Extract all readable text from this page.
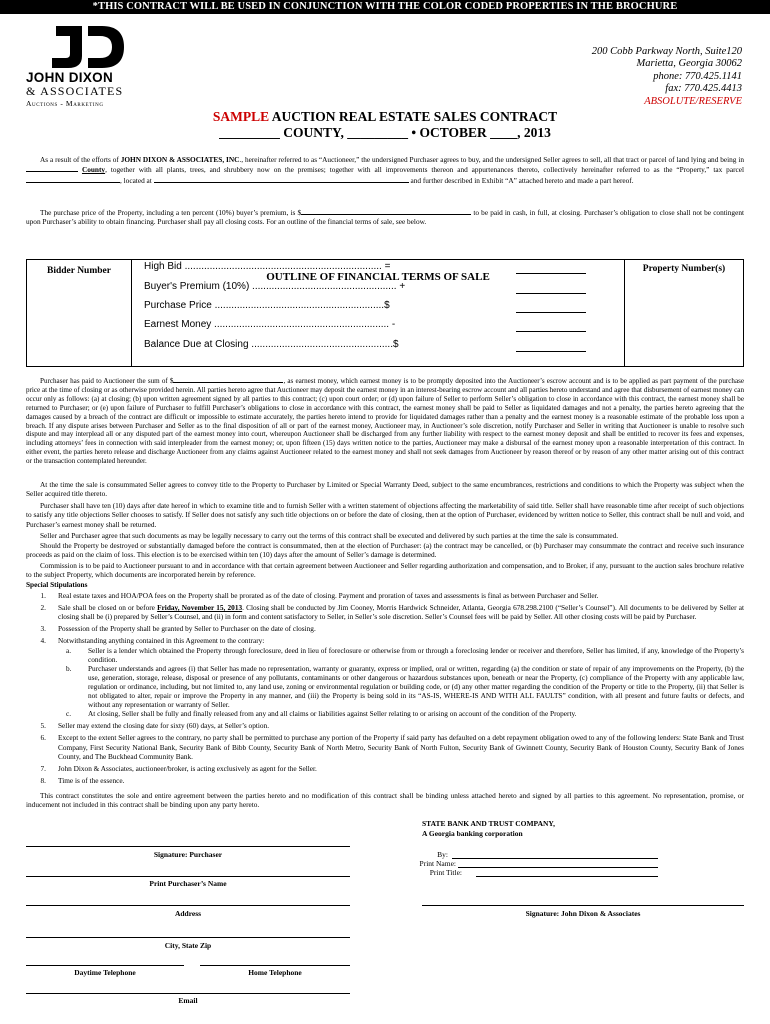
*THIS CONTRACT WILL BE USED IN CONJUNCTION WITH THE COLOR CODED PROPERTIES IN THE BROCHURE
JOHN DIXON
& ASSOCIATES
Auctions - Marketing
200 Cobb Parkway North, Suite120
Marietta, Georgia 30062
phone: 770.425.1141
fax: 770.425.4413
ABSOLUTE/RESERVE
SAMPLE AUCTION REAL ESTATE SALES CONTRACT
_________ COUNTY, _________ • OCTOBER ____, 2013
As a result of the efforts of JOHN DIXON & ASSOCIATES, INC., hereinafter referred to as “Auctioneer,” the undersigned Purchaser agrees to buy, and the undersigned Seller agrees to sell, all that tract or parcel of land lying and being in  County, together with all plants, trees, and shrubbery now on the premises; together with all improvements thereon and appurtenances thereto, collectively hereinafter referred to as the “Property,” tax parcel , located at	and further described in Exhibit “A” attached hereto and made a part hereof.
The purchase price of the Property, including a ten percent (10%) buyer’s premium, is $	to be paid in cash, in full, at closing. Purchaser’s obligation to close shall not be contingent upon Purchaser’s ability to obtain financing. Purchaser shall pay all closing costs. For an outline of the financial terms of sale, see below.
Bidder Number	OUTLINE OF FINANCIAL TERMS OF SALE
High Bid ....................................................................... =
Buyer's Premium (10%) .................................................... +
Purchase Price .............................................................$
Earnest Money ............................................................... -
Balance Due at Closing ...................................................$
	Property Number(s)
Purchaser has paid to Auctioneer the sum of $	, as earnest money, which earnest money is to be promptly deposited into the Auctioneer’s escrow account and is to be applied as part payment of the purchase price at the time of closing or as otherwise provided herein. All parties hereto agree that Auctioneer may deposit the earnest money in an interest-bearing escrow account and all parties hereto understand and agree that disbursement of earnest money can occur only as follows: (a) at closing; (b) upon written agreement signed by all parties to this contract; (c) upon court order; or (d) upon failure of Seller to perform Seller’s obligation to close in accordance with this contract, the earnest money shall be returned to Purchaser; or (e) upon failure of Purchaser to fulfill Purchaser’s obligations to close in accordance with this contract, the earnest money shall be paid to Seller as liquidated damages and not a penalty, the parties hereto agreeing that the damages caused by a breach of the contract are difficult or impossible to estimate accurately, the parties hereto intend to provide for liquidated damages rather than a penalty and the earnest money is a reasonable estimate of the probable loss upon a breach. If any dispute arises between Purchaser and Seller as to the final disposition of all or part of the earnest money, Auctioneer may, in Auctioneer’s sole discretion, notify Purchaser and Seller in writing that Auctioneer is unable to resolve such dispute and may interplead all or any disputed part of the earnest money into court, whereupon Auctioneer shall be discharged from any further liability with respect to the earnest money deposit and shall be entitled to recover its fees and expenses, including attorneys’ fees in connection with said interpleader from the earnest money; or, upon fifteen (15) days written notice to the parties, Auctioneer may make a disbursal of the earnest money upon a reasonable interpretation of this contract. In either event, the parties hereto release and discharge Auctioneer from any claims against Auctioneer related to the earnest money and shall not seek damages from Auctioneer by reason thereof or by reason of any other matter arising out of this contract or the transaction contemplated hereunder.
At the time the sale is consummated Seller agrees to convey title to the Property to Purchaser by Limited or Special Warranty Deed, subject to the same encumbrances, restrictions and conditions to which the Property was subject when the Seller acquired title thereto.
Purchaser shall have ten (10) days after date hereof in which to examine title and to furnish Seller with a written statement of objections affecting the marketability of said title. Seller shall have reasonable time after receipt of such objections to satisfy any title objections Seller chooses to satisfy. If Seller does not satisfy any such title objections on or before the date of closing, then at the option of Purchaser, evidenced by written notice to Seller, this contract shall be null and void, and Purchaser’s earnest money shall be returned.
Seller and Purchaser agree that such documents as may be legally necessary to carry out the terms of this contract shall be executed and delivered by such parties at the time the sale is consummated.
Should the Property be destroyed or substantially damaged before the contract is consummated, then at the election of Purchaser: (a) the contract may be cancelled, or (b) Purchaser may consummate the contract and receive such insurance proceeds as paid on the claim of loss. This election is to be exercised within ten (10) days after the amount of Seller’s damage is determined.
Commission is to be paid to Auctioneer pursuant to and in accordance with that certain agreement between Auctioneer and Seller regarding authorization and compensation, and to Broker, if any, pursuant to the auction sales brochure relative to the subject Property, which documents are incorporated herein by reference.
Special Stipulations
1.	Real estate taxes and HOA/POA fees on the Property shall be prorated as of the date of closing. Payment and proration of taxes and assessments is final as between Purchaser and Seller.
2.	Sale shall be closed on or before Friday, November 15, 2013. Closing shall be conducted by Jim Cooney, Morris Hardwick Schneider, Atlanta, Georgia 678.298.2100 (“Seller’s Counsel”). All documents to be delivered by Seller at closing shall be (i) prepared by Seller’s Counsel, and (ii) in form and content satisfactory to Seller, in Seller’s sole discretion. Seller’s Counsel fees will be paid by Seller. All other closing costs will be paid by Purchaser.
3.	Possession of the Property shall be granted by Seller to Purchaser on the date of closing.
4.	Notwithstanding anything contained in this Agreement to the contrary:
a.	Seller is a lender which obtained the Property through foreclosure, deed in lieu of foreclosure or otherwise from or through a foreclosing lender or receiver and therefore, Seller has limited, if any, knowledge of the Property’s condition.
b.	Purchaser understands and agrees (i) that Seller has made no representation, warranty or guaranty, express or implied, oral or written, regarding (a) the condition or state of repair of any improvements on the Property, (b) the use, generation, storage, release, disposal or presence of any pollutants, contaminants or other dangerous or hazardous substances upon, beneath or near the Property, (c) compliance of the Property with any applicable law, regulation or ordinance, including, but not limited to, any land use, zoning or environmental regulation or building code, or (d) any other matter regarding the condition of the Property or title to the Property, (ii) that Seller is not obligated to alter, repair or improve the Property in any manner, and (iii) the Property is being sold in its “AS-IS, WHERE-IS AND WITH ALL FAULTS” condition, with all present and future faults or defects, and without any representation or warranty of Seller.
c.	At closing, Seller shall be fully and finally released from any and all claims or liabilities against Seller relating to or arising on account of the condition of the Property.
5.	Seller may extend the closing date for sixty (60) days, at Seller’s option.
6.	Except to the extent Seller agrees to the contrary, no party shall be permitted to purchase any portion of the Property if said party has defaulted on a debt repayment obligation owed to any of the following lenders: State Bank and Trust Company, First Security National Bank, Security Bank of Bibb County, Security Bank of North Metro, Security Bank of North Fulton, Security Bank of Gwinnett County, Security Bank of Houston County, Security Bank of Jones County, and The Buckhead Community Bank.
7.	John Dixon & Associates, auctioneer/broker, is acting exclusively as agent for the Seller.
8.	Time is of the essence.
This contract constitutes the sole and entire agreement between the parties hereto and no modification of this contract shall be binding unless attached hereto and signed by all parties to this agreement. No representation, promise, or inducement not included in this contract shall be binding upon any party hereto.
STATE BANK AND TRUST COMPANY,
A Georgia banking corporation
Signature: Purchaser
Print Purchaser’s Name
Address
City, State Zip
Daytime Telephone	Home Telephone
Email
By:
Print Name:
Print Title:
Signature: John Dixon & Associates
